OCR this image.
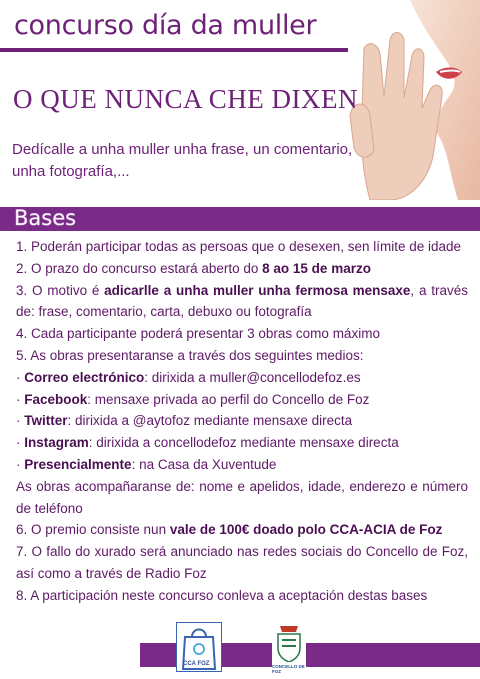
concurso día da muller
O QUE NUNCA CHE DIXEN
Dedícalle a unha muller unha frase, un comentario, unha fotografía,...
Bases

1. Poderán participar todas as persoas que o desexen, sen límite de idade

2. O prazo do concurso estará aberto do 8 ao 15 de marzo

3. O motivo é adicarlle a unha muller unha fermosa mensaxe, a través de: frase, comentario, carta, debuxo ou fotografía

4. Cada participante poderá presentar 3 obras como máximo

5. As obras presentaranse a través dos seguintes medios:

· Correo electrónico: dirixida a muller@concellodefoz.es

· Facebook: mensaxe privada ao perfil do Concello de Foz

· Twitter: dirixida a @aytofoz mediante mensaxe directa

· Instagram: dirixida a concellodefoz mediante mensaxe directa

· Presencialmente: na Casa da Xuventude

As obras acompañaranse de: nome e apelidos, idade, enderezo e número de teléfono

6. O premio consiste nun vale de 100€ doado polo CCA-ACIA de Foz

7. O fallo do xurado será anunciado nas redes sociais do Concello de Foz, así como a través de Radio Foz

8. A participación neste concurso conleva a aceptación destas bases

CCA FOZ	CONCELLO DE FOZ
